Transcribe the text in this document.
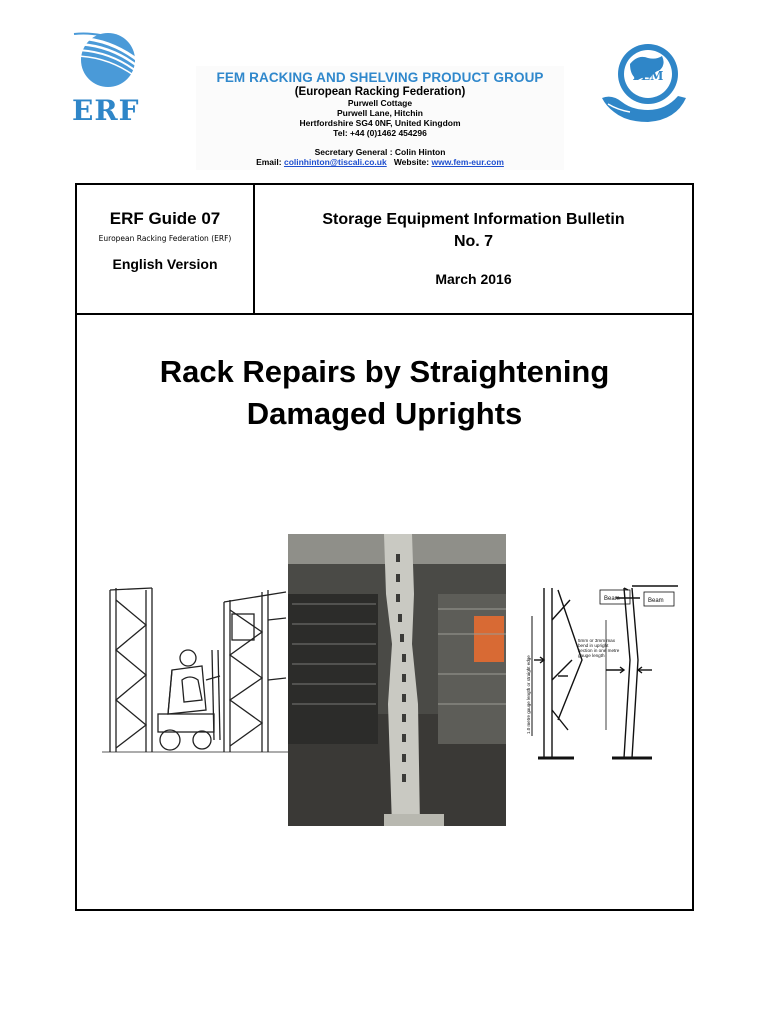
ERF
FEM RACKING AND SHELVING PRODUCT GROUP
(European Racking Federation)
Purwell Cottage
Purwell Lane, Hitchin
Hertfordshire SG4 0NF, United Kingdom
Tel: +44 (0)1462 454296
Secretary General : Colin Hinton
Email: colinhinton@tiscali.co.uk Website: www.fem-eur.com
FEM
ERF Guide 07
European Racking Federation (ERF)
English Version
Storage Equipment Information Bulletin
No. 7
March 2016
Rack Repairs by Straightening
Damaged Uprights
Beam	Beam
1.0 metre gauge length or straight edge
5mm or 3mm max bend in upright section in one metre gauge length
